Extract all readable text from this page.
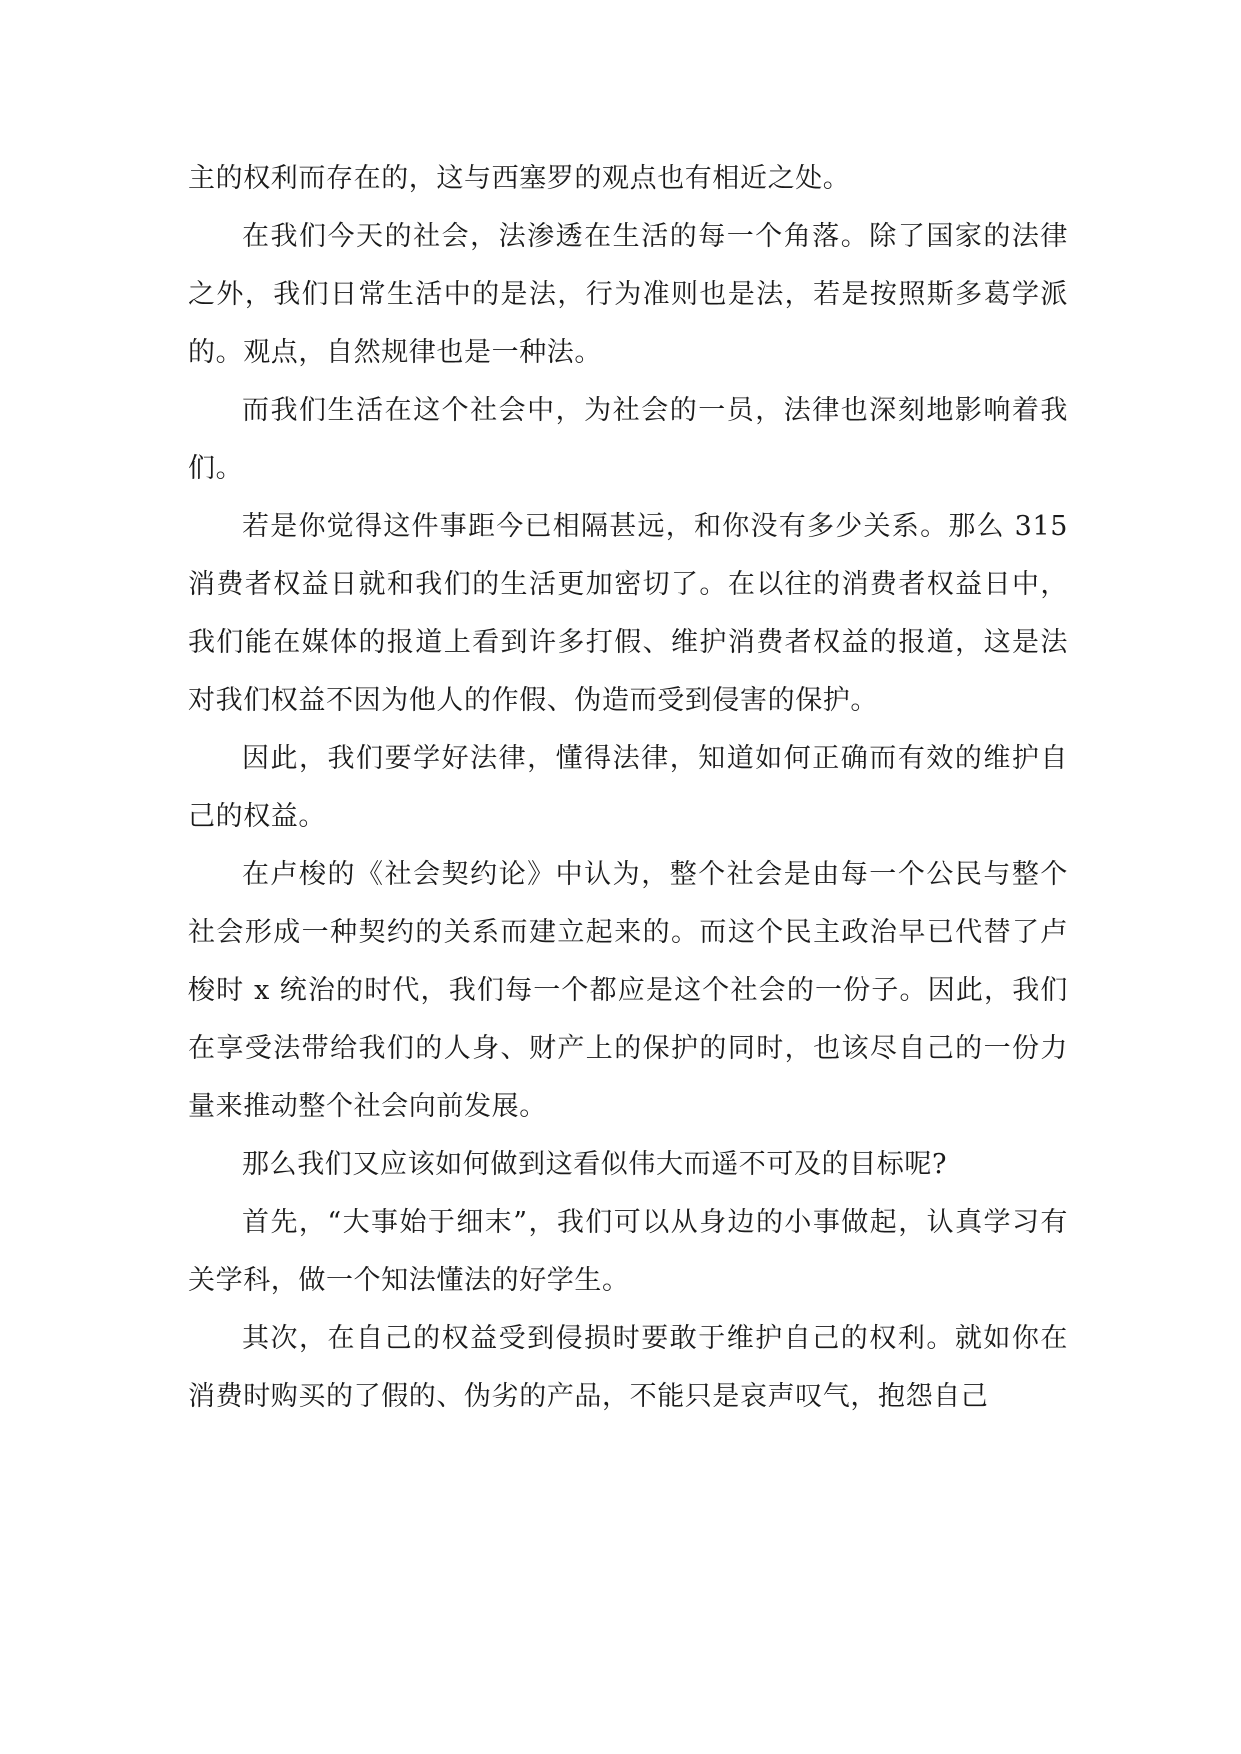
主的权利而存在的，这与西塞罗的观点也有相近之处。

在我们今天的社会，法渗透在生活的每一个角落。除了国家的法律之外，我们日常生活中的是法，行为准则也是法，若是按照斯多葛学派的。观点，自然规律也是一种法。

而我们生活在这个社会中，为社会的一员，法律也深刻地影响着我们。

若是你觉得这件事距今已相隔甚远，和你没有多少关系。那么 315 消费者权益日就和我们的生活更加密切了。在以往的消费者权益日中，我们能在媒体的报道上看到许多打假、维护消费者权益的报道，这是法对我们权益不因为他人的作假、伪造而受到侵害的保护。

因此，我们要学好法律，懂得法律，知道如何正确而有效的维护自己的权益。

在卢梭的《社会契约论》中认为，整个社会是由每一个公民与整个社会形成一种契约的关系而建立起来的。而这个民主政治早已代替了卢梭时 x 统治的时代，我们每一个都应是这个社会的一份子。因此，我们在享受法带给我们的人身、财产上的保护的同时，也该尽自己的一份力量来推动整个社会向前发展。

那么我们又应该如何做到这看似伟大而遥不可及的目标呢?

首先，“大事始于细末”，我们可以从身边的小事做起，认真学习有关学科，做一个知法懂法的好学生。

其次，在自己的权益受到侵损时要敢于维护自己的权利。就如你在消费时购买的了假的、伪劣的产品，不能只是哀声叹气，抱怨自己
